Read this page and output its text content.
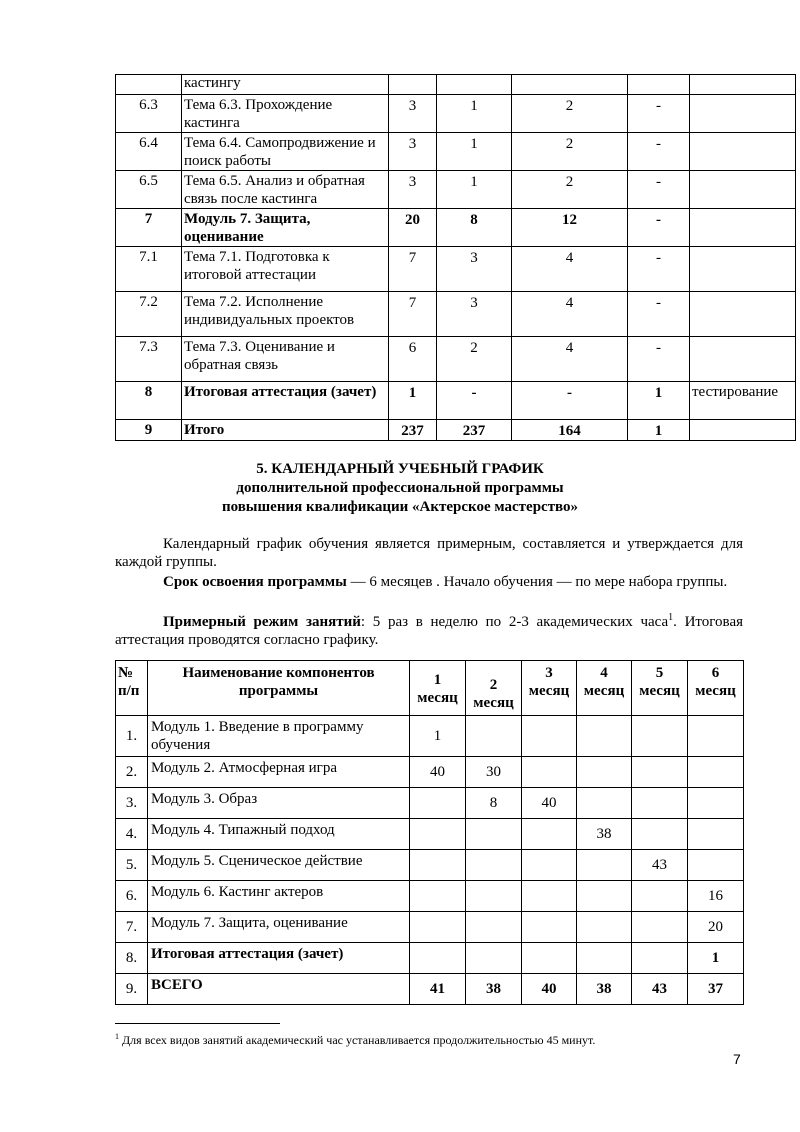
	кастингу					
6.3	Тема 6.3. Прохождение кастинга	3	1	2	-	
6.4	Тема 6.4. Самопродвижение и поиск работы	3	1	2	-	
6.5	Тема 6.5. Анализ и обратная связь после кастинга	3	1	2	-	
7	Модуль 7. Защита, оценивание	20	8	12	-	
7.1	Тема 7.1. Подготовка к итоговой аттестации	7	3	4	-	
7.2	Тема 7.2. Исполнение индивидуальных проектов	7	3	4	-	
7.3	Тема 7.3. Оценивание и обратная связь	6	2	4	-	
8	Итоговая аттестация (зачет)	1	-	-	1	тестирование
9	Итого	237	237	164	1	
5. КАЛЕНДАРНЫЙ УЧЕБНЫЙ ГРАФИК
дополнительной профессиональной программы
повышения квалификации «Актерское мастерство»
Календарный график обучения является примерным, составляется и утверждается для каждой группы.
Срок освоения программы — 6 месяцев . Начало обучения — по мере набора группы.
Примерный режим занятий: 5 раз в неделю по 2-3 академических часа$^1$. Итоговая аттестация проводятся согласно графику.
№ п/п	Наименование компонентов программы	1 месяц	2 месяц	3 месяц	4 месяц	5 месяц	6 месяц
1.	Модуль 1. Введение в программу обучения	1					
2.	Модуль 2. Атмосферная игра	40	30				
3.	Модуль 3. Образ		8	40			
4.	Модуль 4. Типажный подход				38		
5.	Модуль 5. Сценическое действие					43	
6.	Модуль 6. Кастинг актеров						16
7.	Модуль 7. Защита, оценивание						20
8.	Итоговая аттестация (зачет)						1
9.	ВСЕГО	41	38	40	38	43	37
$^1$ Для всех видов занятий академический час устанавливается продолжительностью 45 минут.
7
